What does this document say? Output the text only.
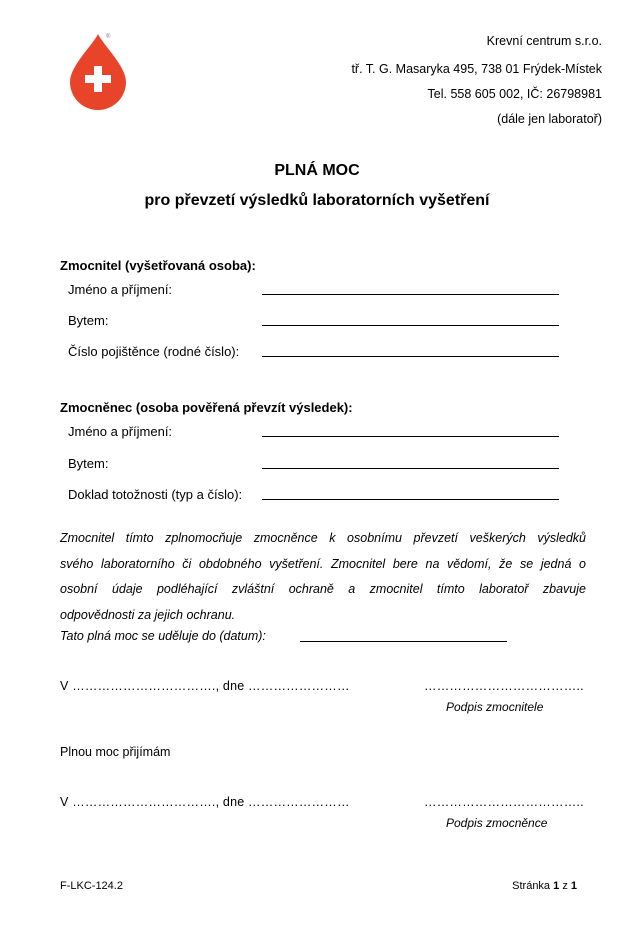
KREVNÍ CENTRUM
®	Krevní centrum s.r.o.
tř. T. G. Masaryka 495, 738 01 Frýdek-Místek
Tel. 558 605 002, IČ: 26798981
(dále jen laboratoř)
PLNÁ MOC
pro převzetí výsledků laboratorních vyšetření
Zmocnitel (vyšetřovaná osoba):
Jméno a příjmení:
Bytem:
Číslo pojištěnce (rodné číslo):
Zmocněnec (osoba pověřená převzít výsledek):
Jméno a příjmení:
Bytem:
Doklad totožnosti (typ a číslo):
Zmocnitel tímto zplnomocňuje zmocněnce k osobnímu převzetí veškerých výsledků
svého laboratorního či obdobného vyšetření. Zmocnitel bere na vědomí, že se jedná o
osobní údaje podléhající zvláštní ochraně a zmocnitel tímto laboratoř zbavuje
odpovědnosti za jejich ochranu.
Tato plná moc se uděluje do (datum):
V ……………………………., dne ……………………	………………………………..
Podpis zmocnitele
Plnou moc přijímám
V ……………………………., dne ……………………	………………………………..
Podpis zmocněnce
F-LKC-124.2	Stránka 1 z 1
